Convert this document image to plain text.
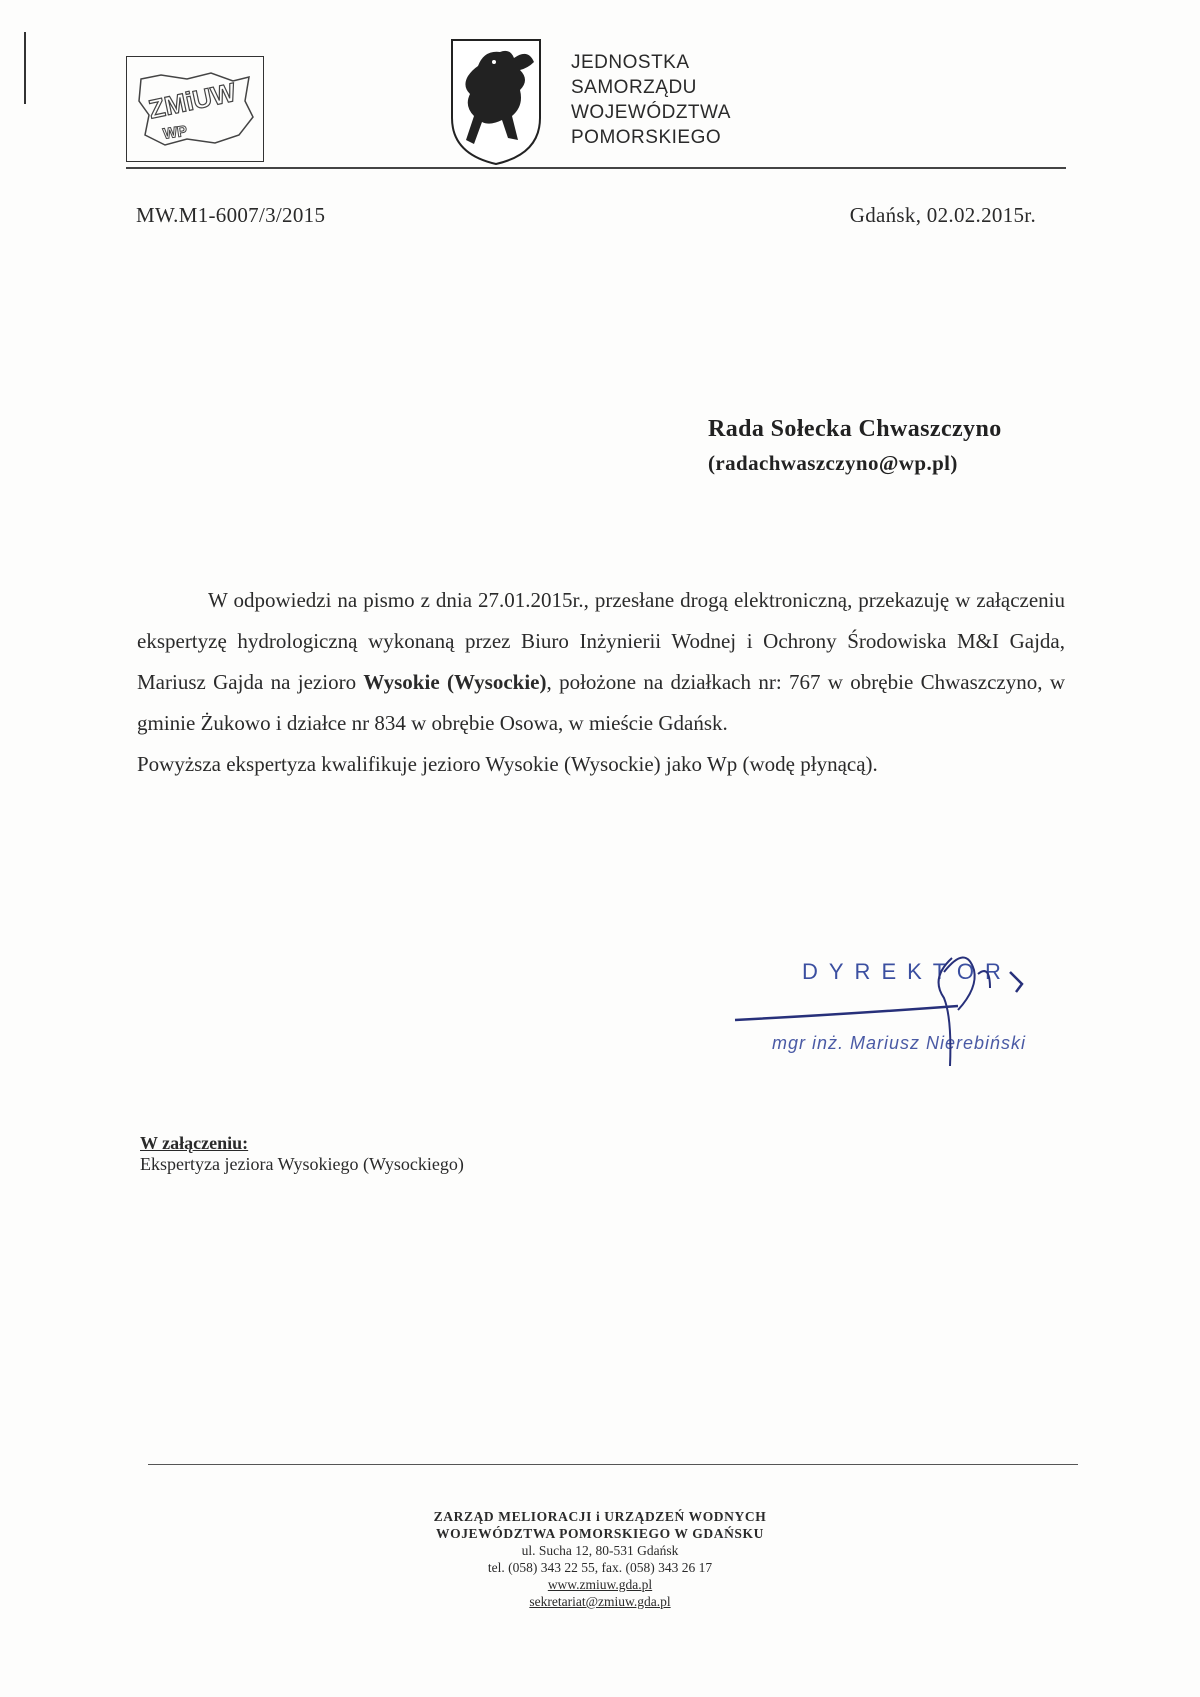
ZMiUW
WP
JEDNOSTKA
SAMORZĄDU
WOJEWÓDZTWA
POMORSKIEGO
MW.M1-6007/3/2015	Gdańsk, 02.02.2015r.
Rada Sołecka Chwaszczyno
(radachwaszczyno@wp.pl)

W odpowiedzi na pismo z dnia 27.01.2015r., przesłane drogą elektroniczną, przekazuję w załączeniu ekspertyzę hydrologiczną wykonaną przez Biuro Inżynierii Wodnej i Ochrony Środowiska M&I Gajda, Mariusz Gajda na jezioro Wysokie (Wysockie), położone na działkach nr: 767 w obrębie Chwaszczyno, w gminie Żukowo i działce nr 834 w obrębie Osowa, w mieście Gdańsk.

Powyższa ekspertyza kwalifikuje jezioro Wysokie (Wysockie) jako Wp (wodę płynącą).

DYREKTOR
mgr inż. Mariusz Nierebiński
W załączeniu:
Ekspertyza jeziora Wysokiego (Wysockiego)
ZARZĄD MELIORACJI i URZĄDZEŃ WODNYCH
WOJEWÓDZTWA POMORSKIEGO W GDAŃSKU
ul. Sucha 12, 80-531 Gdańsk
tel. (058) 343 22 55, fax. (058) 343 26 17
www.zmiuw.gda.pl
sekretariat@zmiuw.gda.pl
